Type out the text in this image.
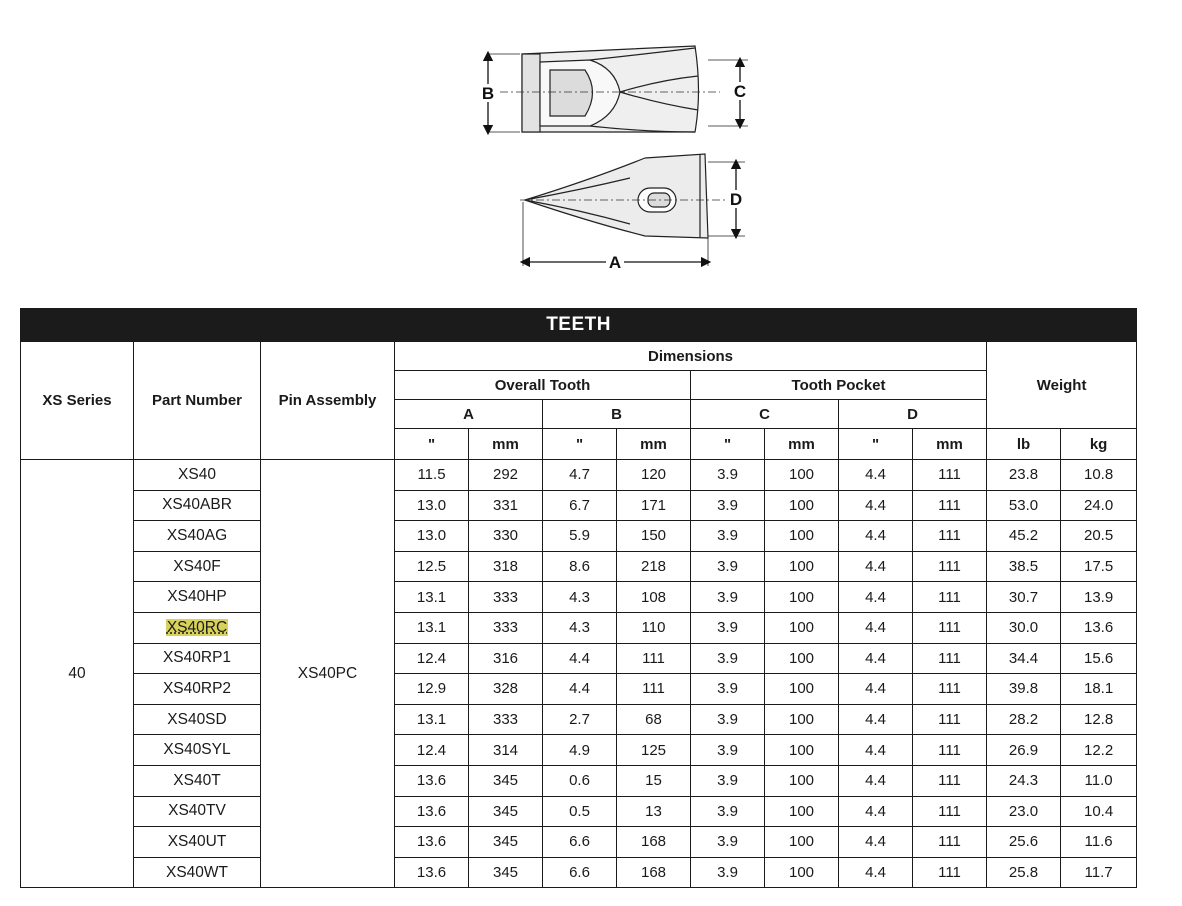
B	C
D
A
TEETH												
XS Series	Part Number	Pin Assembly	Dimensions								Weight	
			Overall Tooth				Tooth Pocket					
			A		B		C		D			
			"	mm	"	mm	"	mm	"	mm	lb	kg
40	XS40	XS40PC	11.5	292	4.7	120	3.9	100	4.4	111	23.8	10.8
	XS40ABR		13.0	331	6.7	171	3.9	100	4.4	111	53.0	24.0
	XS40AG		13.0	330	5.9	150	3.9	100	4.4	111	45.2	20.5
	XS40F		12.5	318	8.6	218	3.9	100	4.4	111	38.5	17.5
	XS40HP		13.1	333	4.3	108	3.9	100	4.4	111	30.7	13.9
	XS40RC		13.1	333	4.3	110	3.9	100	4.4	111	30.0	13.6
	XS40RP1		12.4	316	4.4	111	3.9	100	4.4	111	34.4	15.6
	XS40RP2		12.9	328	4.4	111	3.9	100	4.4	111	39.8	18.1
	XS40SD		13.1	333	2.7	68	3.9	100	4.4	111	28.2	12.8
	XS40SYL		12.4	314	4.9	125	3.9	100	4.4	111	26.9	12.2
	XS40T		13.6	345	0.6	15	3.9	100	4.4	111	24.3	11.0
	XS40TV		13.6	345	0.5	13	3.9	100	4.4	111	23.0	10.4
	XS40UT		13.6	345	6.6	168	3.9	100	4.4	111	25.6	11.6
	XS40WT		13.6	345	6.6	168	3.9	100	4.4	111	25.8	11.7
